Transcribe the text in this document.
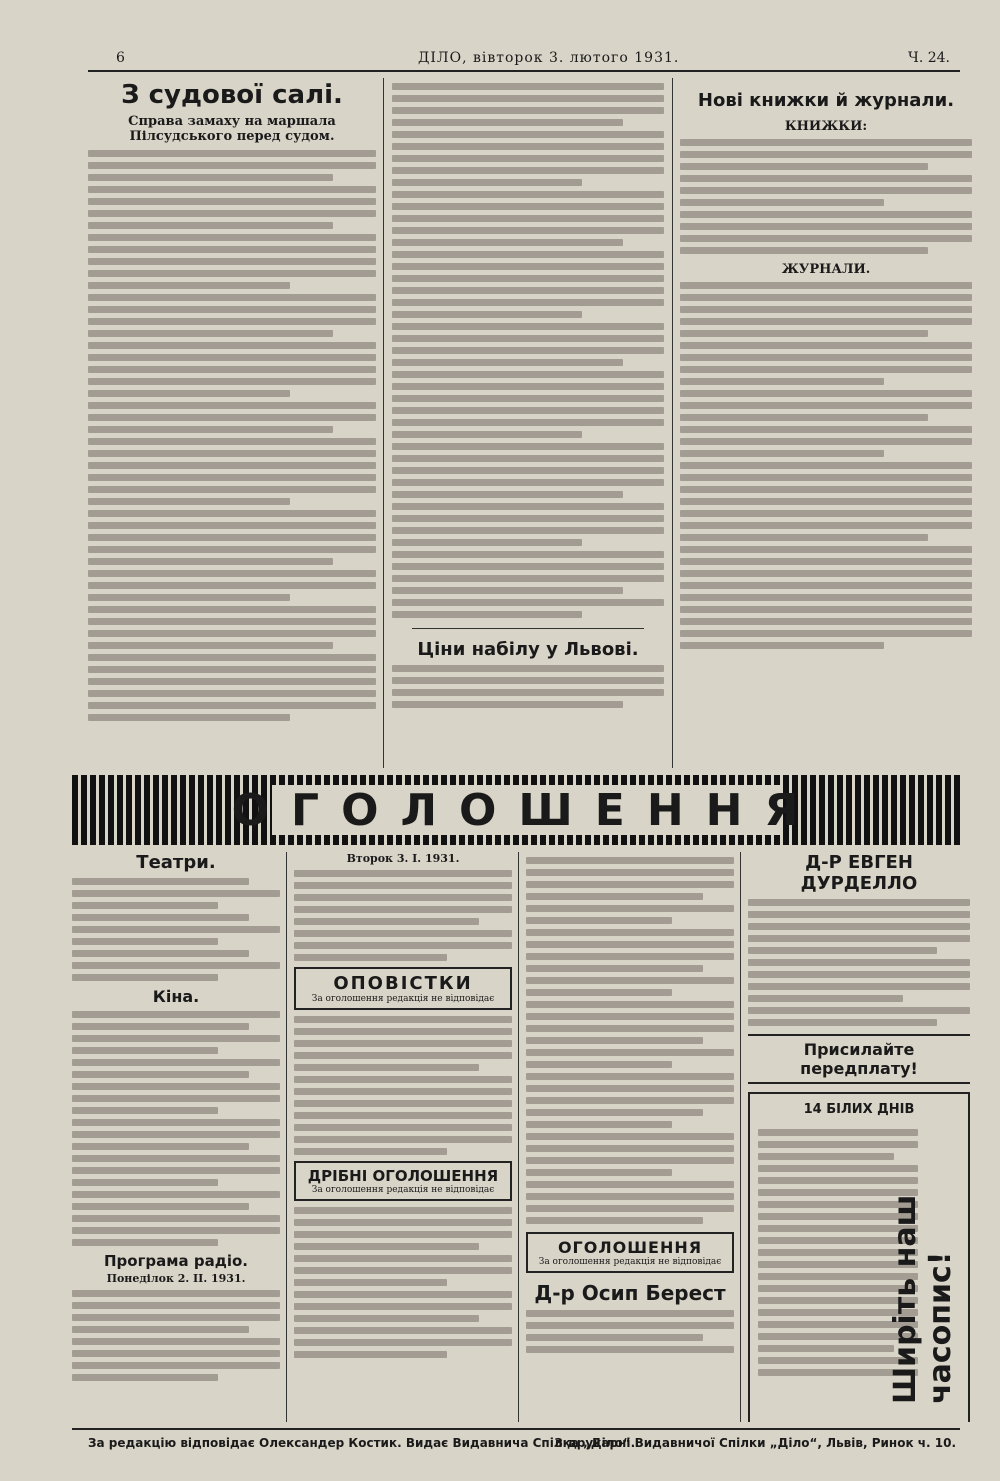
6	ДІЛО, вівторок 3. лютого 1931.	Ч. 24.
З судової салі.
Справа замаху на маршала Пілсудського перед судом.
Ціни набілу у Львові.
Нові книжки й журнали.
КНИЖКИ:
ЖУРНАЛИ.
ОГОЛОШЕННЯ
Театри.
Кіна.
Програма радіо.
Понеділок 2. II. 1931.
Второк 3. I. 1931.
ОПОВІСТКИ
За оголошення редакція не відповідає
ДРІБНІ ОГОЛОШЕННЯ
За оголошення редакція не відповідає
ОГОЛОШЕННЯ
За оголошення редакція не відповідає
Д-р Осип Берест
Д-Р ЕВГЕН ДУРДЕЛЛО
Присилайте передплату!
14 БІЛИХ ДНІВ
Ширіть наш часопис!
За редакцію відповідає Олександер Костик. Видає Видавнича Спілка „Діло“.
З друкарні Видавничої Спілки „Діло“, Львів, Ринок ч. 10.
